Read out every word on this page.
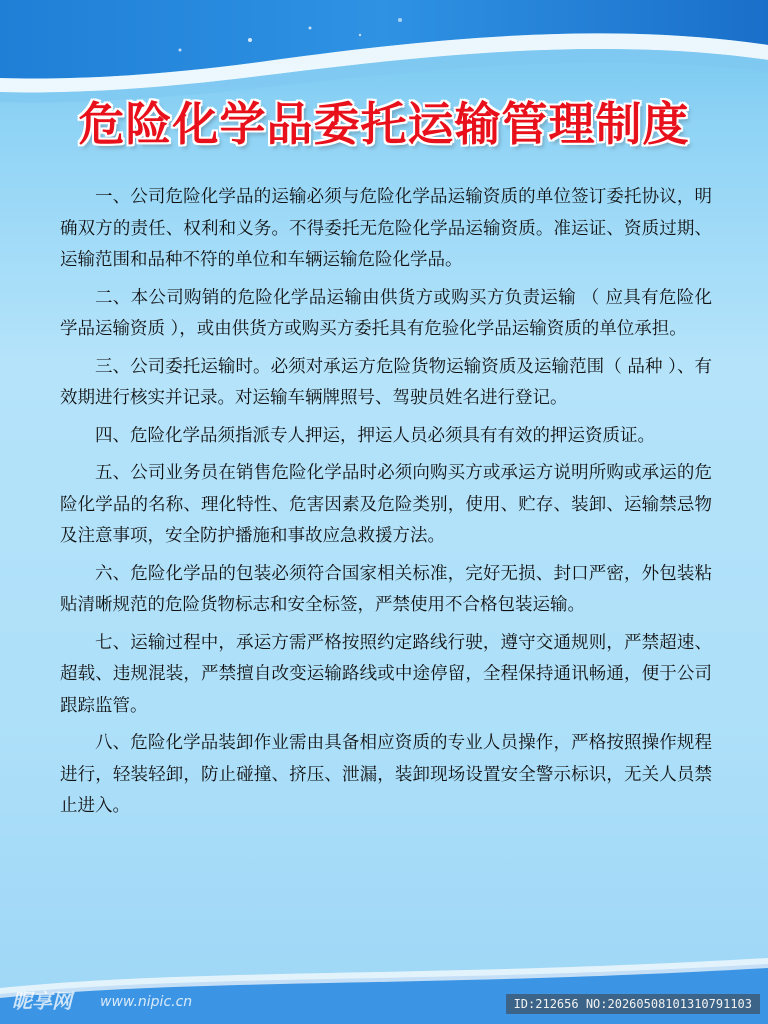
危险化学品委托运输管理制度

一、公司危险化学品的运输必须与危险化学品运输资质的单位签订委托协议，明确双方的责任、权利和义务。不得委托无危险化学品运输资质。准运证、资质过期、运输范围和品种不符的单位和车辆运输危险化学品。

二、本公司购销的危险化学品运输由供货方或购买方负责运输 （ 应具有危险化学品运输资质 ），或由供货方或购买方委托具有危验化学品运输资质的单位承担。

三、公司委托运输时。必须对承运方危险货物运输资质及运输范围（ 品种 ）、有效期进行核实并记录。对运输车辆牌照号、驾驶员姓名进行登记。

四、危险化学品须指派专人押运，押运人员必须具有有效的押运资质证。

五、公司业务员在销售危险化学品时必须向购买方或承运方说明所购或承运的危险化学品的名称、理化特性、危害因素及危险类别，使用、贮存、装卸、运输禁忌物及注意事项，安全防护播施和事故应急救援方法。

六、危险化学品的包装必须符合国家相关标准，完好无损、封口严密，外包装粘贴清晰规范的危险货物标志和安全标签，严禁使用不合格包装运输。

七、运输过程中，承运方需严格按照约定路线行驶，遵守交通规则，严禁超速、超载、违规混装，严禁擅自改变运输路线或中途停留，全程保持通讯畅通，便于公司跟踪监管。

八、危险化学品装卸作业需由具备相应资质的专业人员操作，严格按照操作规程进行，轻装轻卸，防止碰撞、挤压、泄漏，装卸现场设置安全警示标识，无关人员禁止进入。

昵享网 www.nipic.cn	ID:212656 NO:20260508101310791103
